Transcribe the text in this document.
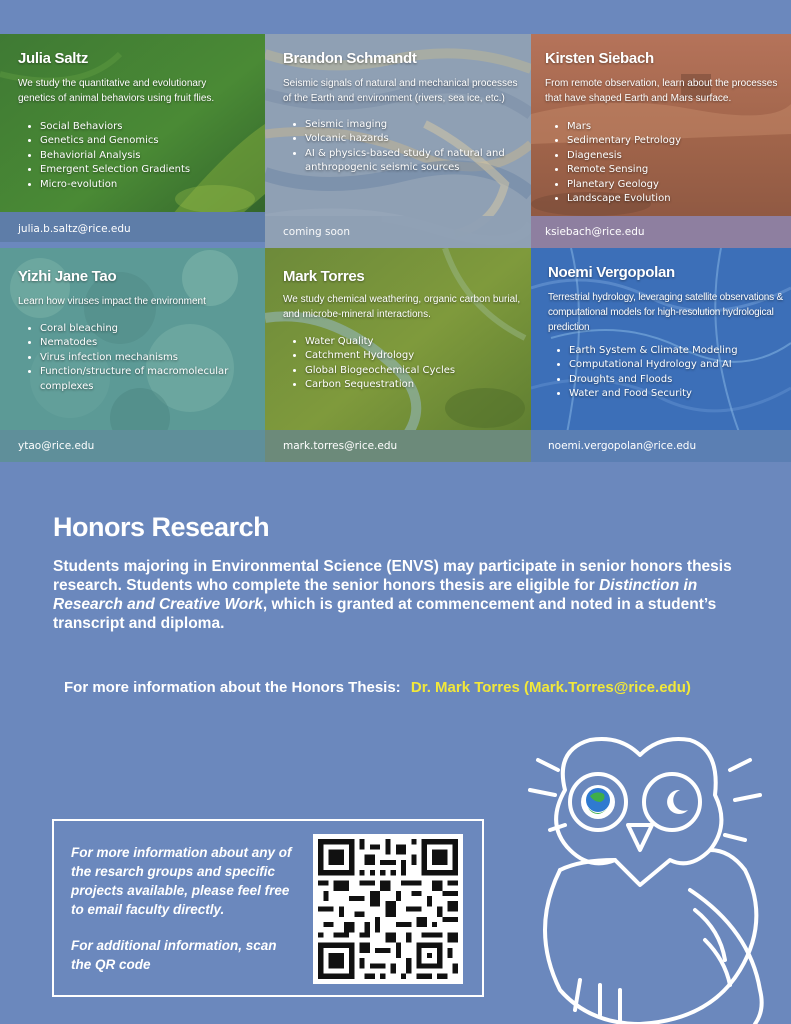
Julia Saltz
We study the quantitative and evolutionary genetics of animal behaviors using fruit flies.
• Social Behaviors
• Genetics and Genomics
• Behaviorial Analysis
• Emergent Selection Gradients
• Micro-evolution
julia.b.saltz@rice.edu
Brandon Schmandt
Seismic signals of natural and mechanical processes of the Earth and environment (rivers, sea ice, etc.)
• Seismic imaging
• Volcanic hazards
• AI & physics-based study of natural and anthropogenic seismic sources
coming soon
Kirsten Siebach
From remote observation, learn about the processes that have shaped Earth and Mars surface.
• Mars
• Sedimentary Petrology
• Diagenesis
• Remote Sensing
• Planetary Geology
• Landscape Evolution
ksiebach@rice.edu
Yizhi Jane Tao
Learn how viruses impact the environment
• Coral bleaching
• Nematodes
• Virus infection mechanisms
• Function/structure of macromolecular complexes
ytao@rice.edu
Mark Torres
We study chemical weathering, organic carbon burial, and microbe-mineral interactions.
• Water Quality
• Catchment Hydrology
• Global Biogeochemical Cycles
• Carbon Sequestration
mark.torres@rice.edu
Noemi Vergopolan
Terrestrial hydrology, leveraging satellite observations & computational models for high-resolution hydrological prediction
• Earth System & Climate Modeling
• Computational Hydrology and AI
• Droughts and Floods
• Water and Food Security
noemi.vergopolan@rice.edu
Honors Research
Students majoring in Environmental Science (ENVS) may participate in senior honors thesis research. Students who complete the senior honors thesis are eligible for Distinction in Research and Creative Work, which is granted at commencement and noted in a student’s transcript and diploma.
For more information about the Honors Thesis: Dr. Mark Torres (Mark.Torres@rice.edu)

For more information about any of the resarch groups and specific projects available, please feel free to email faculty directly.

For additional information, scan the QR code
